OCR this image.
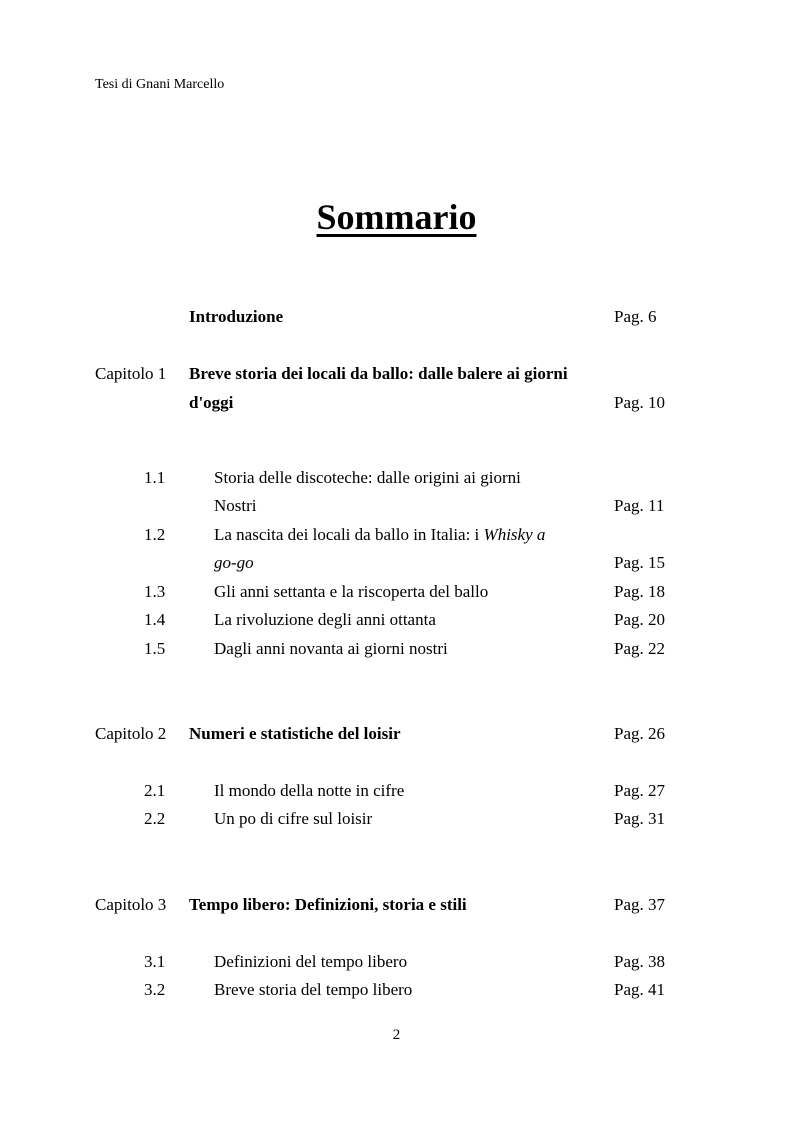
Tesi di Gnani Marcello
Sommario
Introduzione	Pag. 6
Capitolo 1 Breve storia dei locali da ballo: dalle balere ai giorni
d'oggi	Pag. 10
1.1	Storia delle discoteche: dalle origini ai giorni
Nostri	Pag. 11
1.2	La nascita dei locali da ballo in Italia: i Whisky a
go-go	Pag. 15
1.3	Gli anni settanta e la riscoperta del ballo	Pag. 18
1.4	La rivoluzione degli anni ottanta	Pag. 20
1.5	Dagli anni novanta ai giorni nostri	Pag. 22
Capitolo 2 Numeri e statistiche del loisir	Pag. 26
2.1	Il mondo della notte in cifre	Pag. 27
2.2	Un po di cifre sul loisir	Pag. 31
Capitolo 3 Tempo libero: Definizioni, storia e stili	Pag. 37
3.1	Definizioni del tempo libero	Pag. 38
3.2	Breve storia del tempo libero	Pag. 41
2
